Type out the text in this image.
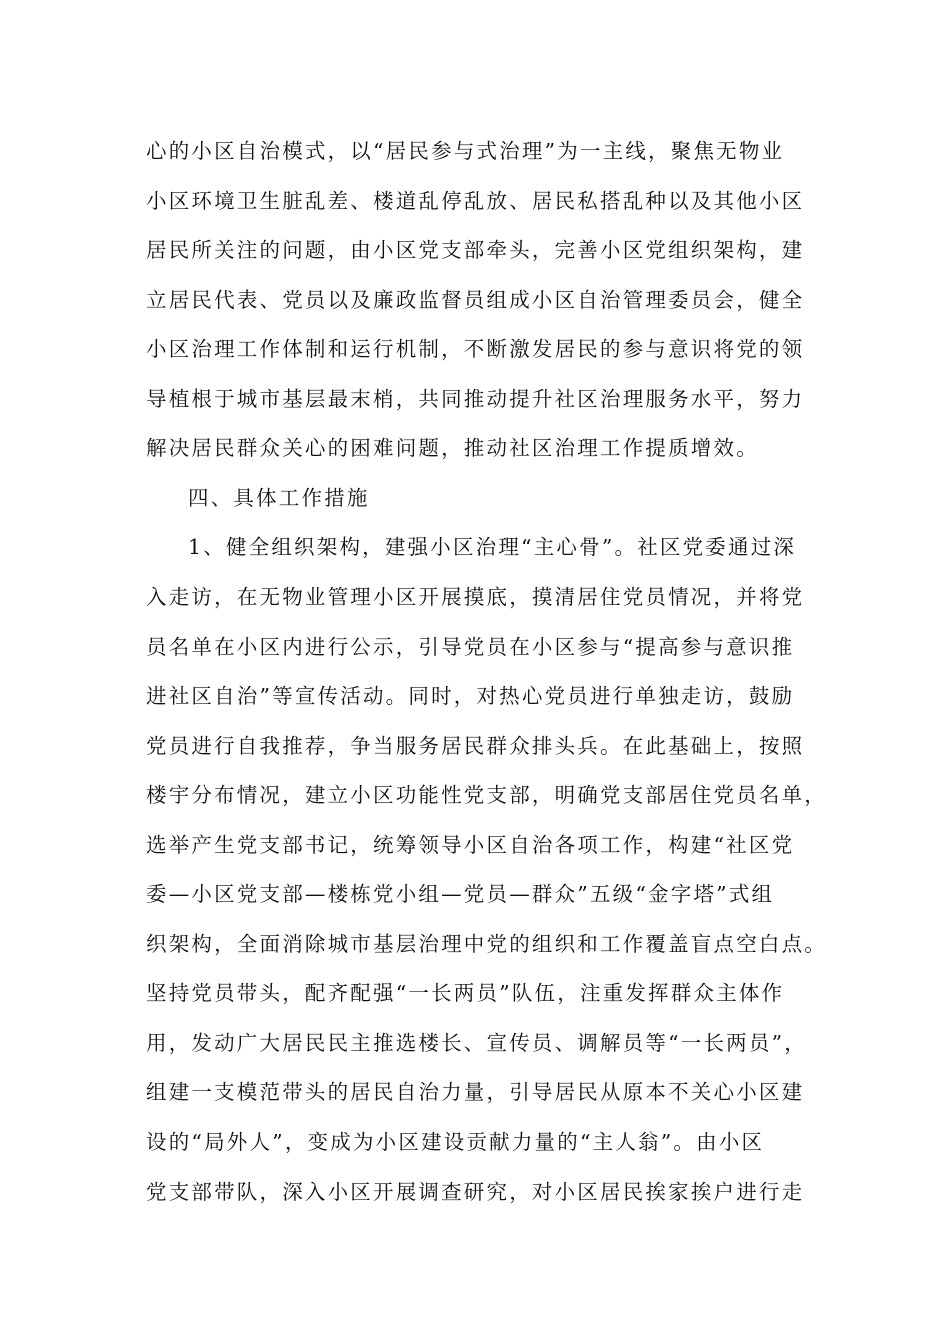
心的小区自治模式，以“居民参与式治理”为一主线，聚焦无物业
小区环境卫生脏乱差、楼道乱停乱放、居民私搭乱种以及其他小区
居民所关注的问题，由小区党支部牵头，完善小区党组织架构，建
立居民代表、党员以及廉政监督员组成小区自治管理委员会，健全
小区治理工作体制和运行机制，不断激发居民的参与意识将党的领
导植根于城市基层最末梢，共同推动提升社区治理服务水平，努力
解决居民群众关心的困难问题，推动社区治理工作提质增效。
四、具体工作措施
1、健全组织架构，建强小区治理“主心骨”。社区党委通过深
入走访，在无物业管理小区开展摸底，摸清居住党员情况，并将党
员名单在小区内进行公示，引导党员在小区参与“提高参与意识推
进社区自治”等宣传活动。同时，对热心党员进行单独走访，鼓励
党员进行自我推荐，争当服务居民群众排头兵。在此基础上，按照
楼宇分布情况，建立小区功能性党支部，明确党支部居住党员名单，
选举产生党支部书记，统筹领导小区自治各项工作，构建“社区党
委—小区党支部—楼栋党小组—党员—群众”五级“金字塔”式组
织架构，全面消除城市基层治理中党的组织和工作覆盖盲点空白点。
坚持党员带头，配齐配强“一长两员”队伍，注重发挥群众主体作
用，发动广大居民民主推选楼长、宣传员、调解员等“一长两员”，
组建一支模范带头的居民自治力量，引导居民从原本不关心小区建
设的“局外人”，变成为小区建设贡献力量的“主人翁”。由小区
党支部带队，深入小区开展调查研究，对小区居民挨家挨户进行走
